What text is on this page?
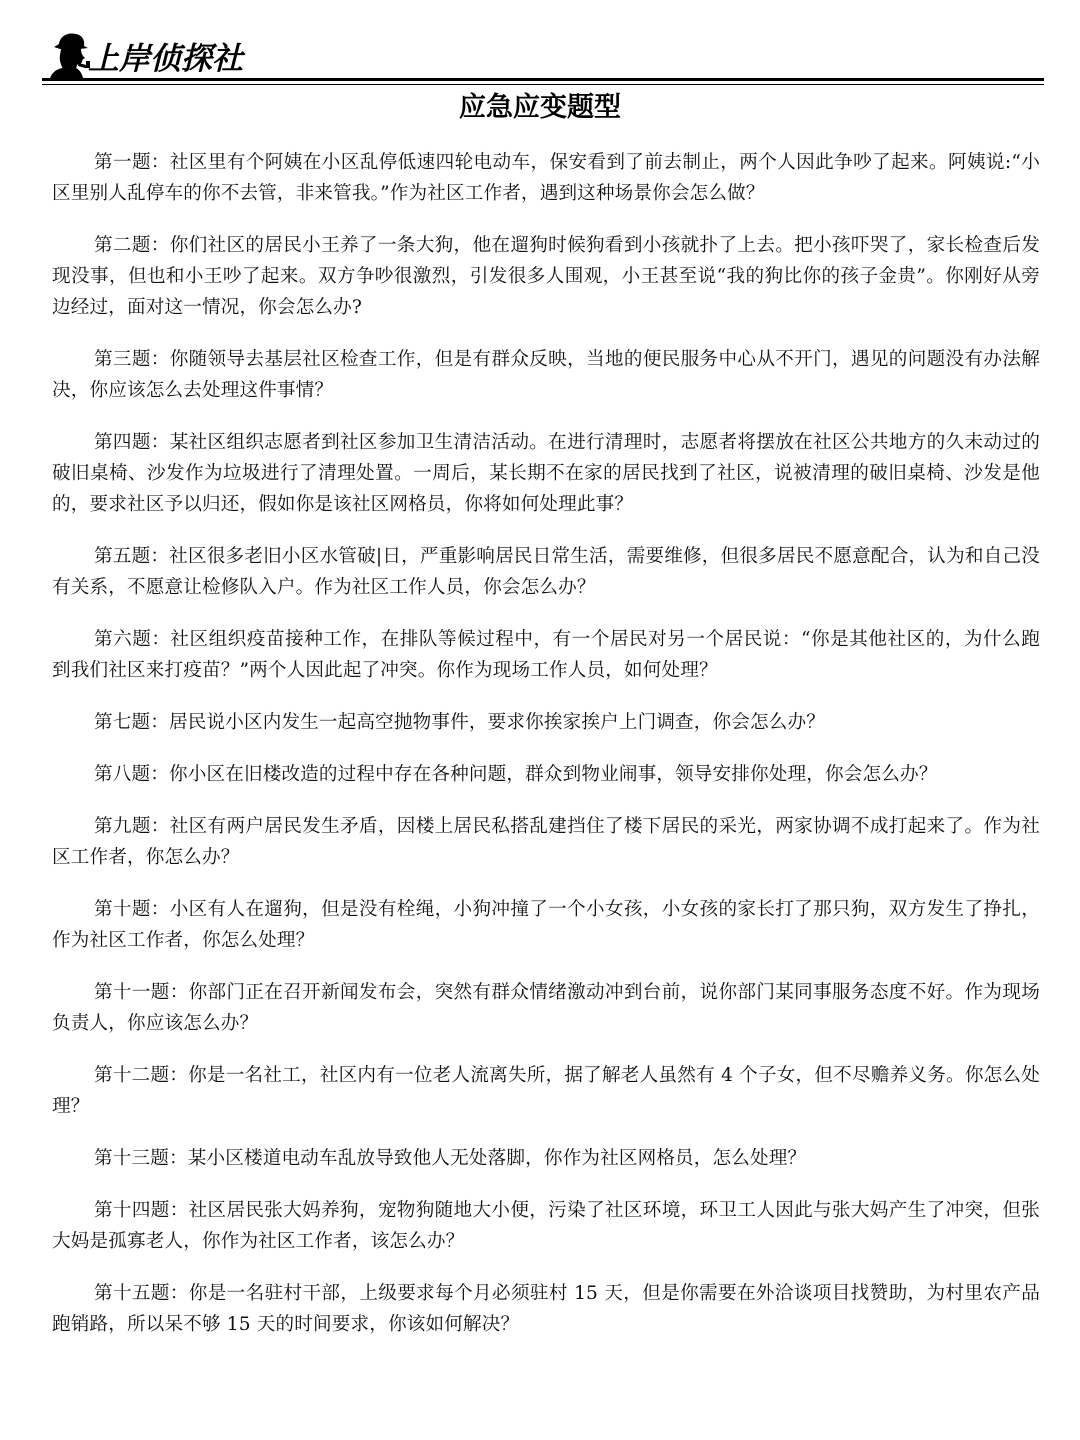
上岸侦探社
应急应变题型

第一题：社区里有个阿姨在小区乱停低速四轮电动车，保安看到了前去制止，两个人因此争吵了起来。阿姨说:“小区里别人乱停车的你不去管，非来管我。”作为社区工作者，遇到这种场景你会怎么做？

第二题：你们社区的居民小王养了一条大狗，他在遛狗时候狗看到小孩就扑了上去。把小孩吓哭了，家长检查后发现没事，但也和小王吵了起来。双方争吵很激烈，引发很多人围观，小王甚至说“我的狗比你的孩子金贵”。你刚好从旁边经过，面对这一情况，你会怎么办?

第三题：你随领导去基层社区检查工作，但是有群众反映，当地的便民服务中心从不开门，遇见的问题没有办法解决，你应该怎么去处理这件事情？

第四题：某社区组织志愿者到社区参加卫生清洁活动。在进行清理时，志愿者将摆放在社区公共地方的久未动过的破旧桌椅、沙发作为垃圾进行了清理处置。一周后，某长期不在家的居民找到了社区，说被清理的破旧桌椅、沙发是他的，要求社区予以归还，假如你是该社区网格员，你将如何处理此事？

第五题：社区很多老旧小区水管破|日，严重影响居民日常生活，需要维修，但很多居民不愿意配合，认为和自己没有关系，不愿意让检修队入户。作为社区工作人员，你会怎么办？

第六题：社区组织疫苗接种工作，在排队等候过程中，有一个居民对另一个居民说：“你是其他社区的，为什么跑到我们社区来打疫苗？”两个人因此起了冲突。你作为现场工作人员，如何处理？

第七题：居民说小区内发生一起高空抛物事件，要求你挨家挨户上门调查，你会怎么办？

第八题：你小区在旧楼改造的过程中存在各种问题，群众到物业闹事，领导安排你处理，你会怎么办？

第九题：社区有两户居民发生矛盾，因楼上居民私搭乱建挡住了楼下居民的采光，两家协调不成打起来了。作为社区工作者，你怎么办？

第十题：小区有人在遛狗，但是没有栓绳，小狗冲撞了一个小女孩，小女孩的家长打了那只狗，双方发生了挣扎，作为社区工作者，你怎么处理？

第十一题：你部门正在召开新闻发布会，突然有群众情绪激动冲到台前，说你部门某同事服务态度不好。作为现场负责人，你应该怎么办？

第十二题：你是一名社工，社区内有一位老人流离失所，据了解老人虽然有 4 个子女，但不尽赡养义务。你怎么处理？

第十三题：某小区楼道电动车乱放导致他人无处落脚，你作为社区网格员，怎么处理？

第十四题：社区居民张大妈养狗，宠物狗随地大小便，污染了社区环境，环卫工人因此与张大妈产生了冲突，但张大妈是孤寡老人，你作为社区工作者，该怎么办？

第十五题：你是一名驻村干部，上级要求每个月必须驻村 15 天，但是你需要在外洽谈项目找赞助，为村里农产品跑销路，所以呆不够 15 天的时间要求，你该如何解决？
